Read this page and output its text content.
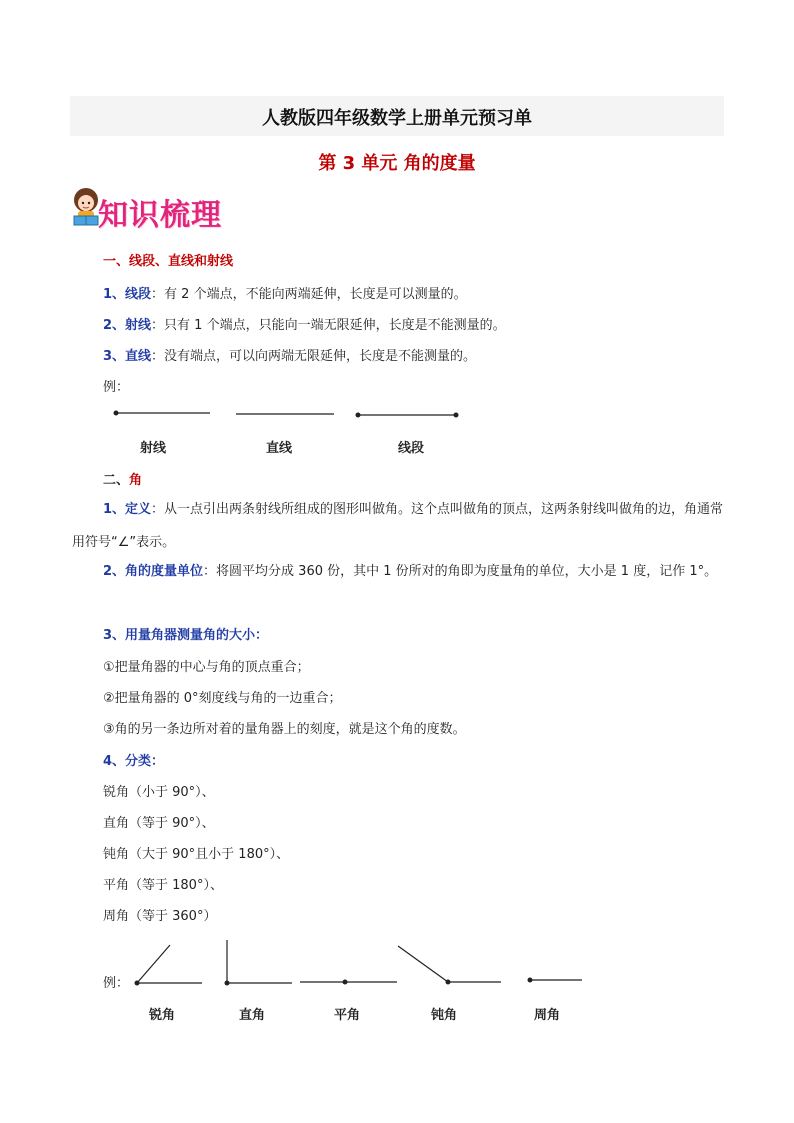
人教版四年级数学上册单元预习单
第 3 单元 角的度量
知识梳理
一、线段、直线和射线
1、线段：有 2 个端点，不能向两端延伸，长度是可以测量的。
2、射线：只有 1 个端点，只能向一端无限延伸，长度是不能测量的。
3、直线：没有端点，可以向两端无限延伸，长度是不能测量的。
例：
射线	直线	线段
二、角
1、定义：从一点引出两条射线所组成的图形叫做角。这个点叫做角的顶点，这两条射线叫做角的边，角通常用符号“∠”表示。
2、角的度量单位：将圆平均分成 360 份，其中 1 份所对的角即为度量角的单位，大小是 1 度，记作 1°。
3、用量角器测量角的大小：
①把量角器的中心与角的顶点重合；
②把量角器的 0°刻度线与角的一边重合；
③角的另一条边所对着的量角器上的刻度，就是这个角的度数。
4、分类：
锐角（小于 90°）、
直角（等于 90°）、
钝角（大于 90°且小于 180°）、
平角（等于 180°）、
周角（等于 360°）
例：
锐角	直角	平角	钝角	周角
